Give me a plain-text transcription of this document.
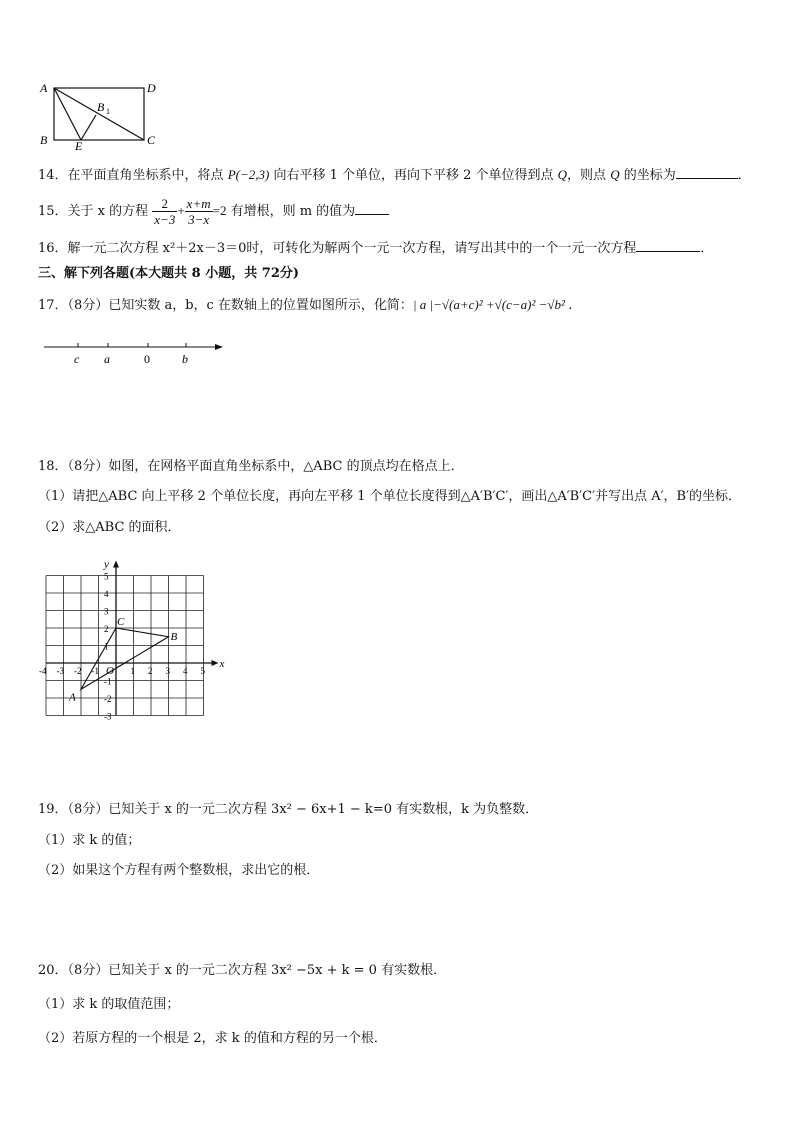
A	D
B	C
E
B 1
14．在平面直角坐标系中，将点 P(−2,3) 向右平移 1 个单位，再向下平移 2 个单位得到点 Q，则点 Q 的坐标为	．
15．关于 x 的方程 $\frac{2}{x-3} + \frac{x+m}{3-x} =2$ 有增根，则 m 的值为
16．解一元二次方程 x²＋2x－3＝0时，可转化为解两个一元一次方程，请写出其中的一个一元一次方程	．
三、解下列各题(本大题共 8 小题，共 72分)
17．（8分）已知实数 a，b，c 在数轴上的位置如图所示，化简：| a |−√(a+c)² +√(c−a)² −√b² ．
c a	0	b
18．（8分）如图，在网格平面直角坐标系中，△ABC 的顶点均在格点上．
（1）请把△ABC 向上平移 2 个单位长度，再向左平移 1 个单位长度得到△A′B′C′，画出△A′B′C′并写出点 A′，B′的坐标．
（2）求△ABC 的面积．
x
y
-4 -3 -2 -1 O 1 2 3 4 5
5
4
3
2
1
-1
-2
-3
A
B
C
19．（8分）已知关于 x 的一元二次方程 3x² − 6x+1 − k=0 有实数根，k 为负整数．
（1）求 k 的值；
（2）如果这个方程有两个整数根，求出它的根．
20．（8分）已知关于 x 的一元二次方程 3x² −5x + k = 0 有实数根．
（1）求 k 的取值范围；
（2）若原方程的一个根是 2，求 k 的值和方程的另一个根．
